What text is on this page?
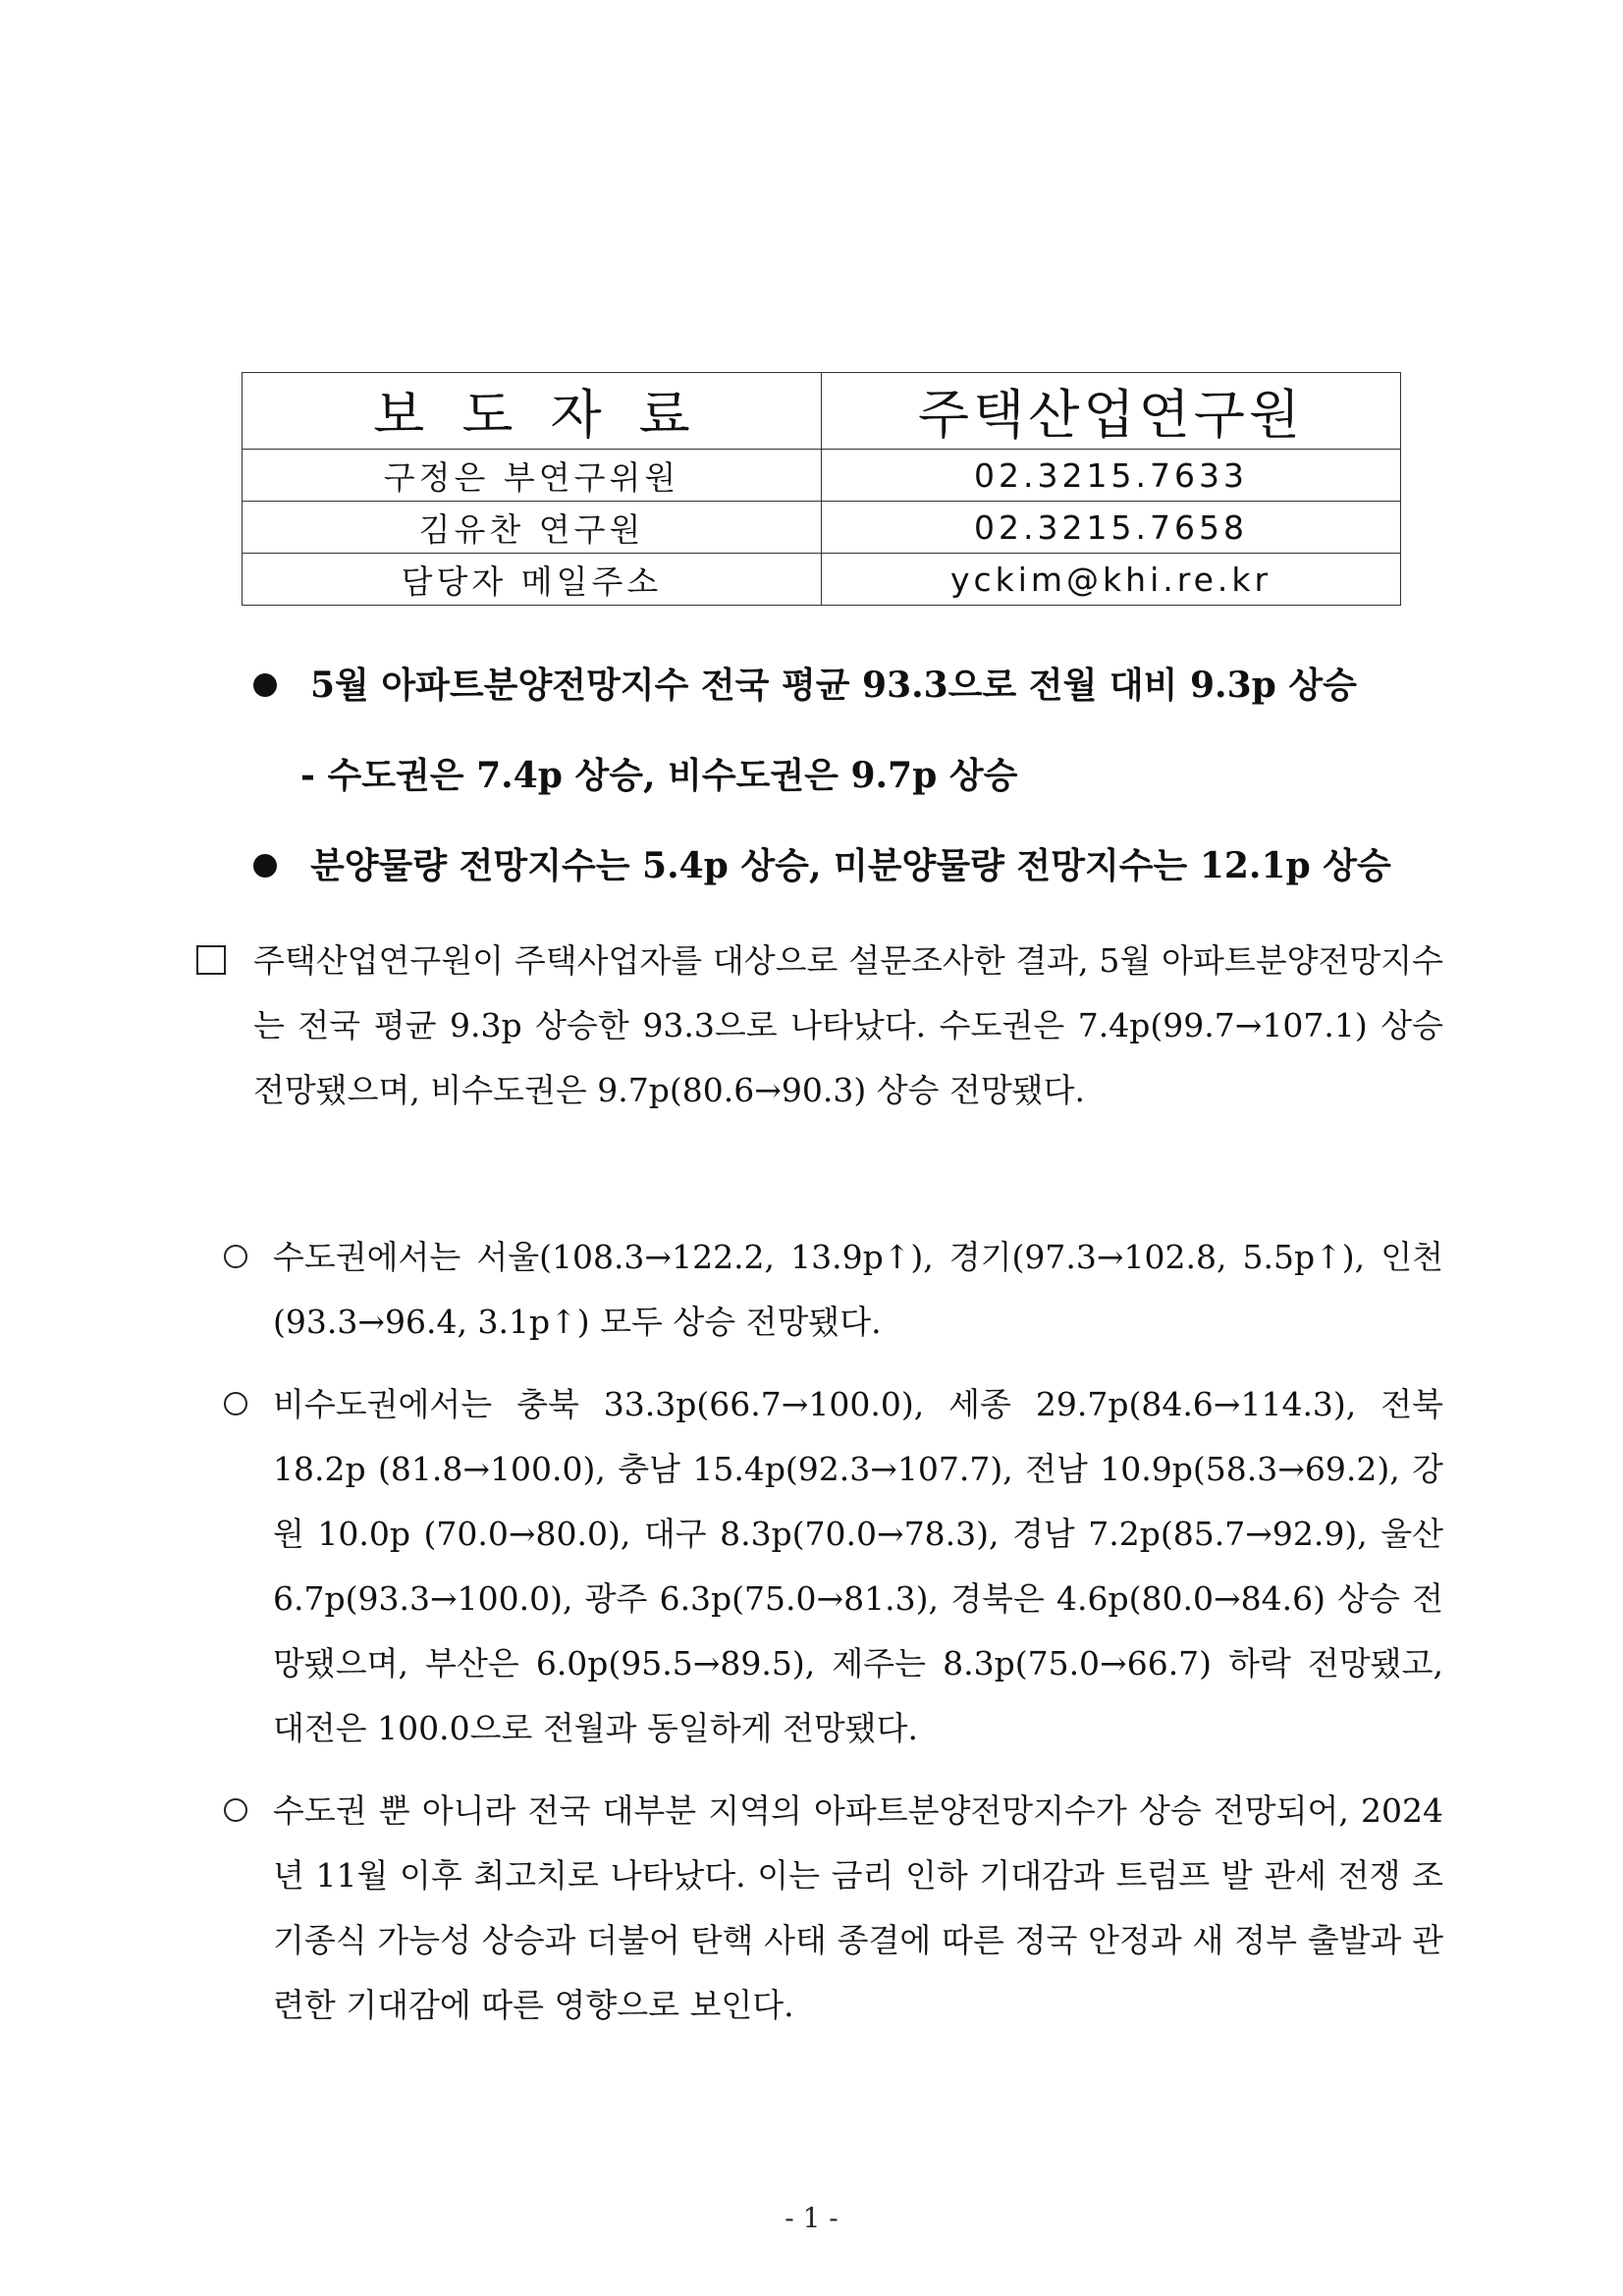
보도자료	주택산업연구원
구정은 부연구위원	02.3215.7633
김유찬 연구원	02.3215.7658
담당자 메일주소	yckim@khi.re.kr
5월 아파트분양전망지수 전국 평균 93.3으로 전월 대비 9.3p 상승
- 수도권은 7.4p 상승, 비수도권은 9.7p 상승
분양물량 전망지수는 5.4p 상승, 미분양물량 전망지수는 12.1p 상승
주택산업연구원이 주택사업자를 대상으로 설문조사한 결과, 5월 아파트분양전망지수는 전국 평균 9.3p 상승한 93.3으로 나타났다. 수도권은 7.4p(99.7→107.1) 상승 전망됐으며, 비수도권은 9.7p(80.6→90.3) 상승 전망됐다.
수도권에서는 서울(108.3→122.2, 13.9p↑), 경기(97.3→102.8, 5.5p↑), 인천(93.3→96.4, 3.1p↑) 모두 상승 전망됐다.
비수도권에서는 충북 33.3p(66.7→100.0), 세종 29.7p(84.6→114.3), 전북 18.2p (81.8→100.0), 충남 15.4p(92.3→107.7), 전남 10.9p(58.3→69.2), 강원 10.0p (70.0→80.0), 대구 8.3p(70.0→78.3), 경남 7.2p(85.7→92.9), 울산 6.7p(93.3→100.0), 광주 6.3p(75.0→81.3), 경북은 4.6p(80.0→84.6) 상승 전망됐으며, 부산은 6.0p(95.5→89.5), 제주는 8.3p(75.0→66.7) 하락 전망됐고, 대전은 100.0으로 전월과 동일하게 전망됐다.
수도권 뿐 아니라 전국 대부분 지역의 아파트분양전망지수가 상승 전망되어, 2024년 11월 이후 최고치로 나타났다. 이는 금리 인하 기대감과 트럼프 발 관세 전쟁 조기종식 가능성 상승과 더불어 탄핵 사태 종결에 따른 정국 안정과 새 정부 출발과 관련한 기대감에 따른 영향으로 보인다.
- 1 -
